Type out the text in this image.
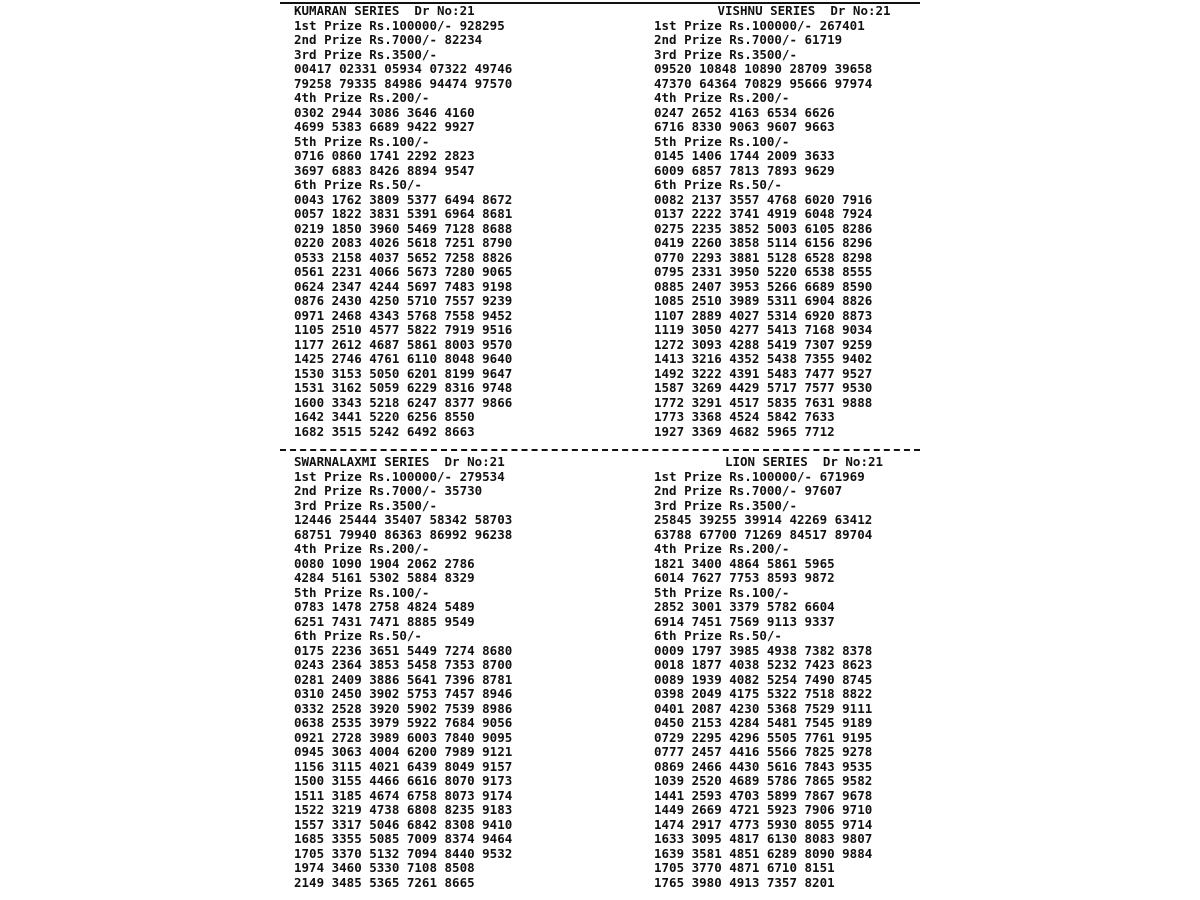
KUMARAN SERIES Dr No:21
1st Prize Rs.100000/- 928295
2nd Prize Rs.7000/- 82234
3rd Prize Rs.3500/-
00417 02331 05934 07322 49746
79258 79335 84986 94474 97570
4th Prize Rs.200/-
0302 2944 3086 3646 4160
4699 5383 6689 9422 9927
5th Prize Rs.100/-
0716 0860 1741 2292 2823
3697 6883 8426 8894 9547
6th Prize Rs.50/-
0043 1762 3809 5377 6494 8672
0057 1822 3831 5391 6964 8681
0219 1850 3960 5469 7128 8688
0220 2083 4026 5618 7251 8790
0533 2158 4037 5652 7258 8826
0561 2231 4066 5673 7280 9065
0624 2347 4244 5697 7483 9198
0876 2430 4250 5710 7557 9239
0971 2468 4343 5768 7558 9452
1105 2510 4577 5822 7919 9516
1177 2612 4687 5861 8003 9570
1425 2746 4761 6110 8048 9640
1530 3153 5050 6201 8199 9647
1531 3162 5059 6229 8316 9748
1600 3343 5218 6247 8377 9866
1642 3441 5220 6256 8550
1682 3515 5242 6492 8663
VISHNU SERIES Dr No:21
1st Prize Rs.100000/- 267401
2nd Prize Rs.7000/- 61719
3rd Prize Rs.3500/-
09520 10848 10890 28709 39658
47370 64364 70829 95666 97974
4th Prize Rs.200/-
0247 2652 4163 6534 6626
6716 8330 9063 9607 9663
5th Prize Rs.100/-
0145 1406 1744 2009 3633
6009 6857 7813 7893 9629
6th Prize Rs.50/-
0082 2137 3557 4768 6020 7916
0137 2222 3741 4919 6048 7924
0275 2235 3852 5003 6105 8286
0419 2260 3858 5114 6156 8296
0770 2293 3881 5128 6528 8298
0795 2331 3950 5220 6538 8555
0885 2407 3953 5266 6689 8590
1085 2510 3989 5311 6904 8826
1107 2889 4027 5314 6920 8873
1119 3050 4277 5413 7168 9034
1272 3093 4288 5419 7307 9259
1413 3216 4352 5438 7355 9402
1492 3222 4391 5483 7477 9527
1587 3269 4429 5717 7577 9530
1772 3291 4517 5835 7631 9888
1773 3368 4524 5842 7633
1927 3369 4682 5965 7712
SWARNALAXMI SERIES Dr No:21
1st Prize Rs.100000/- 279534
2nd Prize Rs.7000/- 35730
3rd Prize Rs.3500/-
12446 25444 35407 58342 58703
68751 79940 86363 86992 96238
4th Prize Rs.200/-
0080 1090 1904 2062 2786
4284 5161 5302 5884 8329
5th Prize Rs.100/-
0783 1478 2758 4824 5489
6251 7431 7471 8885 9549
6th Prize Rs.50/-
0175 2236 3651 5449 7274 8680
0243 2364 3853 5458 7353 8700
0281 2409 3886 5641 7396 8781
0310 2450 3902 5753 7457 8946
0332 2528 3920 5902 7539 8986
0638 2535 3979 5922 7684 9056
0921 2728 3989 6003 7840 9095
0945 3063 4004 6200 7989 9121
1156 3115 4021 6439 8049 9157
1500 3155 4466 6616 8070 9173
1511 3185 4674 6758 8073 9174
1522 3219 4738 6808 8235 9183
1557 3317 5046 6842 8308 9410
1685 3355 5085 7009 8374 9464
1705 3370 5132 7094 8440 9532
1974 3460 5330 7108 8508
2149 3485 5365 7261 8665
LION SERIES Dr No:21
1st Prize Rs.100000/- 671969
2nd Prize Rs.7000/- 97607
3rd Prize Rs.3500/-
25845 39255 39914 42269 63412
63788 67700 71269 84517 89704
4th Prize Rs.200/-
1821 3400 4864 5861 5965
6014 7627 7753 8593 9872
5th Prize Rs.100/-
2852 3001 3379 5782 6604
6914 7451 7569 9113 9337
6th Prize Rs.50/-
0009 1797 3985 4938 7382 8378
0018 1877 4038 5232 7423 8623
0089 1939 4082 5254 7490 8745
0398 2049 4175 5322 7518 8822
0401 2087 4230 5368 7529 9111
0450 2153 4284 5481 7545 9189
0729 2295 4296 5505 7761 9195
0777 2457 4416 5566 7825 9278
0869 2466 4430 5616 7843 9535
1039 2520 4689 5786 7865 9582
1441 2593 4703 5899 7867 9678
1449 2669 4721 5923 7906 9710
1474 2917 4773 5930 8055 9714
1633 3095 4817 6130 8083 9807
1639 3581 4851 6289 8090 9884
1705 3770 4871 6710 8151
1765 3980 4913 7357 8201
